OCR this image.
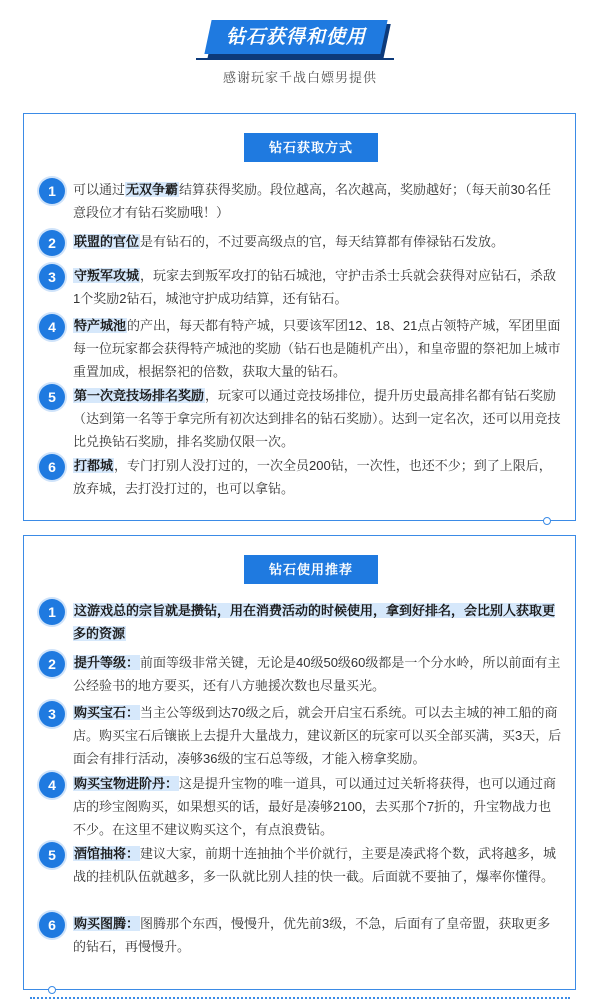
钻石获得和使用
感谢玩家千战白嫖男提供
钻石获取方式
1	可以通过无双争霸结算获得奖励。段位越高，名次越高，奖励越好；（每天前30名任意段位才有钻石奖励哦！）
2	联盟的官位是有钻石的，不过要高级点的官，每天结算都有俸禄钻石发放。
3	守叛军攻城，玩家去到叛军攻打的钻石城池，守护击杀士兵就会获得对应钻石，杀敌1个奖励2钻石，城池守护成功结算，还有钻石。
4	特产城池的产出，每天都有特产城，只要该军团12、18、21点占领特产城，军团里面每一位玩家都会获得特产城池的奖励（钻石也是随机产出），和皇帝盟的祭祀加上城市重置加成，根据祭祀的倍数，获取大量的钻石。
5	第一次竞技场排名奖励，玩家可以通过竞技场排位，提升历史最高排名都有钻石奖励（达到第一名等于拿完所有初次达到排名的钻石奖励）。达到一定名次，还可以用竞技比兑换钻石奖励，排名奖励仅限一次。
6	打都城，专门打别人没打过的，一次全员200钻，一次性，也还不少；到了上限后，放弃城，去打没打过的，也可以拿钻。
钻石使用推荐
1	这游戏总的宗旨就是攒钻，用在消费活动的时候使用，拿到好排名，会比别人获取更多的资源
2	提升等级：前面等级非常关键，无论是40级50级60级都是一个分水岭，所以前面有主公经验书的地方要买，还有八方驰援次数也尽量买光。
3	购买宝石：当主公等级到达70级之后，就会开启宝石系统。可以去主城的神工船的商店。购买宝石后镶嵌上去提升大量战力，建议新区的玩家可以买全部买满，买3天，后面会有排行活动，凑够36级的宝石总等级，才能入榜拿奖励。
4	购买宝物进阶丹：这是提升宝物的唯一道具，可以通过过关斩将获得，也可以通过商店的珍宝阁购买，如果想买的话，最好是凑够2100，去买那个7折的，升宝物战力也不少。在这里不建议购买这个，有点浪费钻。
5	酒馆抽将：建议大家，前期十连抽抽个半价就行，主要是凑武将个数，武将越多，城战的挂机队伍就越多，多一队就比别人挂的快一截。后面就不要抽了，爆率你懂得。
6	购买图腾：图腾那个东西，慢慢升，优先前3级，不急，后面有了皇帝盟，获取更多的钻石，再慢慢升。
